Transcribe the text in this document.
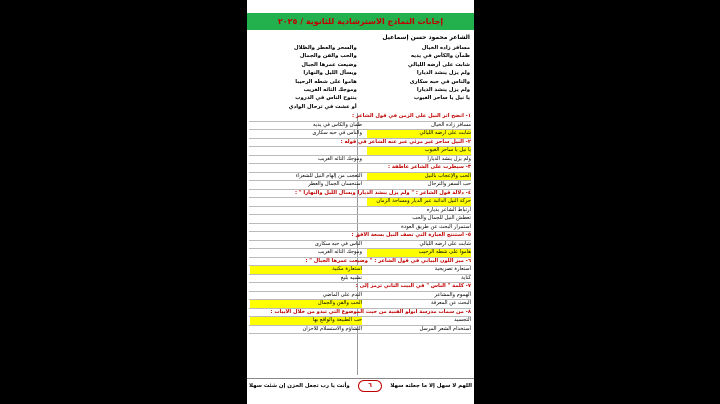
إجابات النماذج الاسترشادية للثانوية / ٢٠٢٥
الشاعر محمود حسن إسماعيل
مسافر زاده الخيال
والسحر والعطر والظلال
ظمآن والكأس في يديه
والحب والفن والجمال
شابت على أرضه الليالي
وضيعت عمرها الجبال
ولم يزل ينشد الديارا
ويسأل الليل والنهارا
والناس في حبه سكارى
هاموا على شطه الرحيبا
ولم يزل ينشد الديارا
وموجك التائه الغريب
يا نيل يا ساحر الغيوب
ينتوح الناس في الدروب
أو عشت في ترحال الوادي
١- اتضح أثر النيل على الزمن في قول الشاعر :
مسافر زاده الخيال
ظمآن والكأس في يديه
شابت على أرضه الليالي
والناس في حبه سكارى
٢- النيل ساحر غير مرئي عبر عنه الشاعر في قوله :
يا نيل يا ساحر الغيوب
ولم يزل ينشد الديارا
وموجك التائه الغريب
٣- سيطرت على الشاعر عاطفة :
الحب والإعجاب بالنيل
التعجب من إلهام النيل للشعراء
حب السفر والترحال
استحسان الجمال والعطر
٤- دلالة قول الشاعر : " ولم يزل ينشد الديارا ويسأل الليل والنهارا " :
حركة النيل الدائبة عبر الديار ومساحة الزمان
ارتباط الشاعر بدياره
تعطش النيل للجمال والحب
استمرار البحث عن طريق العودة
٥- استنتج العبارة التي تصف النيل بسعة الأفق :
شابت على أرضه الليالي
الناس في حبه سكارى
هاموا على شطه الرحيب
وموجك التائه الغريب
٦- ميز اللون البياني في قول الشاعر : " وضيعت عمرها الجبال " :
استعارة تصريحية
استعارة مكنية
كناية
تشبيه بليغ
٧- كلمة " الناس " في البيت الثاني ترمز إلى :
الهموم والمشاعر
الندم على الماضي
البحث عن المعرفة
الحب والفن والجمال
٨- من سمات مدرسة أبولو الفنية من حيث الموضوع التي تبدو من خلال الأبيات :
التجسيد
حب الطبيعة والواقع بها
استخدام الشعر المرسل
التشاؤم والاستسلام للأحزان
اللهم لا سهل إلا ما جعلته سهلا
٦
وأنت يا رب تجعل الحزن إن شئت سهلا
